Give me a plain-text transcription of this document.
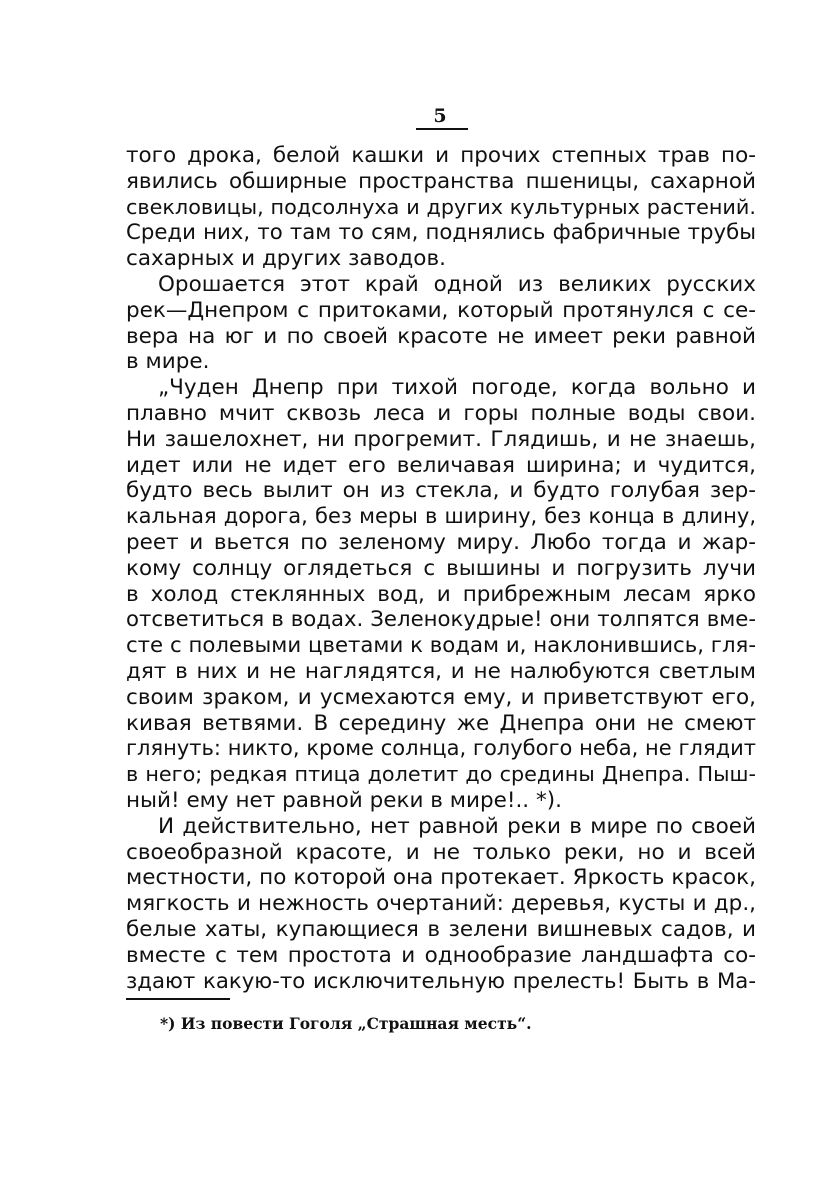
5
того дрока, белой кашки и прочих степных трав по-
явились обширные пространства пшеницы, сахарной
свекловицы, подсолнуха и других культурных растений.
Среди них, то там то сям, поднялись фабричные трубы
сахарных и других заводов.
Орошается этот край одной из великих русских
рек—Днепром с притоками, который протянулся с се-
вера на юг и по своей красоте не имеет реки равной
в мире.
„Чуден Днепр при тихой погоде, когда вольно и
плавно мчит сквозь леса и горы полные воды свои.
Ни зашелохнет, ни прогремит. Глядишь, и не знаешь,
идет или не идет его величавая ширина; и чудится,
будто весь вылит он из стекла, и будто голубая зер-
кальная дорога, без меры в ширину, без конца в длину,
реет и вьется по зеленому миру. Любо тогда и жар-
кому солнцу оглядеться с вышины и погрузить лучи
в холод стеклянных вод, и прибрежным лесам ярко
отсветиться в водах. Зеленокудрые! они толпятся вме-
сте с полевыми цветами к водам и, наклонившись, гля-
дят в них и не наглядятся, и не налюбуются светлым
своим зраком, и усмехаются ему, и приветствуют его,
кивая ветвями. В середину же Днепра они не смеют
глянуть: никто, кроме солнца, голубого неба, не глядит
в него; редкая птица долетит до средины Днепра. Пыш-
ный! ему нет равной реки в мире!.. *).
И действительно, нет равной реки в мире по своей
своеобразной красоте, и не только реки, но и всей
местности, по которой она протекает. Яркость красок,
мягкость и нежность очертаний: деревья, кусты и др.,
белые хаты, купающиеся в зелени вишневых садов, и
вместе с тем простота и однообразие ландшафта со-
здают какую-то исключительную прелесть! Быть в Ма-
*) Из повести Гоголя „Страшная месть“.
